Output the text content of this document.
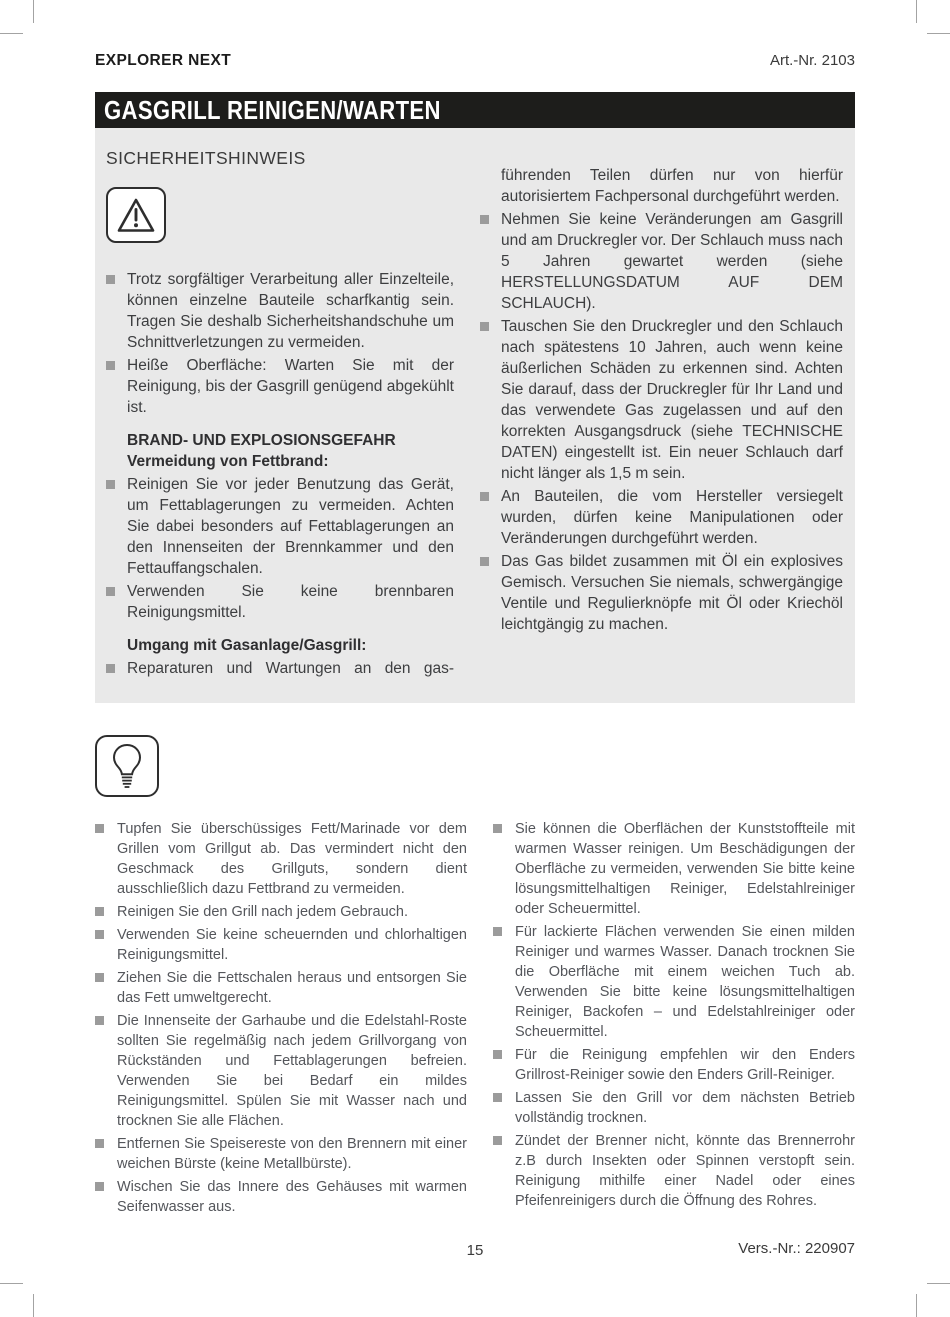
EXPLORER NEXT	Art.-Nr. 2103
GASGRILL REINIGEN/WARTEN
SICHERHEITSHINWEIS

Trotz sorgfältiger Verarbeitung aller Einzelteile, können einzelne Bauteile scharfkantig sein. Tragen Sie deshalb Sicherheitshandschuhe um Schnittverletzungen zu vermeiden.

Heiße Oberfläche: Warten Sie mit der Reinigung, bis der Gasgrill genügend abgekühlt ist.

BRAND- UND EXPLOSIONSGEFAHR
Vermeidung von Fettbrand:

Reinigen Sie vor jeder Benutzung das Gerät, um Fettablagerungen zu vermeiden. Achten Sie dabei besonders auf Fettablagerungen an den Innenseiten der Brennkammer und den Fettauffangschalen.

Verwenden Sie keine brennbaren Reinigungsmittel.

Umgang mit Gasanlage/Gasgrill:

Reparaturen und Wartungen an den gas-

führenden Teilen dürfen nur von hierfür autorisiertem Fachpersonal durchgeführt werden.

Nehmen Sie keine Veränderungen am Gasgrill und am Druckregler vor. Der Schlauch muss nach 5 Jahren gewartet werden (siehe HERSTELLUNGSDATUM AUF DEM SCHLAUCH).

Tauschen Sie den Druckregler und den Schlauch nach spätestens 10 Jahren, auch wenn keine äußerlichen Schäden zu erkennen sind. Achten Sie darauf, dass der Druckregler für Ihr Land und das verwendete Gas zugelassen und auf den korrekten Ausgangsdruck (siehe TECHNISCHE DATEN) eingestellt ist. Ein neuer Schlauch darf nicht länger als 1,5 m sein.

An Bauteilen, die vom Hersteller versiegelt wurden, dürfen keine Manipulationen oder Veränderungen durchgeführt werden.

Das Gas bildet zusammen mit Öl ein explosives Gemisch. Versuchen Sie niemals, schwergängige Ventile und Regulierknöpfe mit Öl oder Kriechöl leichtgängig zu machen.

Tupfen Sie überschüssiges Fett/Marinade vor dem Grillen vom Grillgut ab. Das vermindert nicht den Geschmack des Grillguts, sondern dient ausschließlich dazu Fettbrand zu vermeiden.

Reinigen Sie den Grill nach jedem Gebrauch.

Verwenden Sie keine scheuernden und chlorhaltigen Reinigungsmittel.

Ziehen Sie die Fettschalen heraus und entsorgen Sie das Fett umweltgerecht.

Die Innenseite der Garhaube und die Edelstahl-Roste sollten Sie regelmäßig nach jedem Grillvorgang von Rückständen und Fettablagerungen befreien. Verwenden Sie bei Bedarf ein mildes Reinigungsmittel. Spülen Sie mit Wasser nach und trocknen Sie alle Flächen.

Entfernen Sie Speisereste von den Brennern mit einer weichen Bürste (keine Metallbürste).

Wischen Sie das Innere des Gehäuses mit warmen Seifenwasser aus.

Sie können die Oberflächen der Kunststoffteile mit warmen Wasser reinigen. Um Beschädigungen der Oberfläche zu vermeiden, verwenden Sie bitte keine lösungsmittelhaltigen Reiniger, Edelstahlreiniger oder Scheuermittel.

Für lackierte Flächen verwenden Sie einen milden Reiniger und warmes Wasser. Danach trocknen Sie die Oberfläche mit einem weichen Tuch ab. Verwenden Sie bitte keine lösungsmittelhaltigen Reiniger, Backofen – und Edelstahlreiniger oder Scheuermittel.

Für die Reinigung empfehlen wir den Enders Grillrost-Reiniger sowie den Enders Grill-Reiniger.

Lassen Sie den Grill vor dem nächsten Betrieb vollständig trocknen.

Zündet der Brenner nicht, könnte das Brennerrohr z.B durch Insekten oder Spinnen verstopft sein. Reinigung mithilfe einer Nadel oder eines Pfeifenreinigers durch die Öffnung des Rohres.

15	Vers.-Nr.: 220907
